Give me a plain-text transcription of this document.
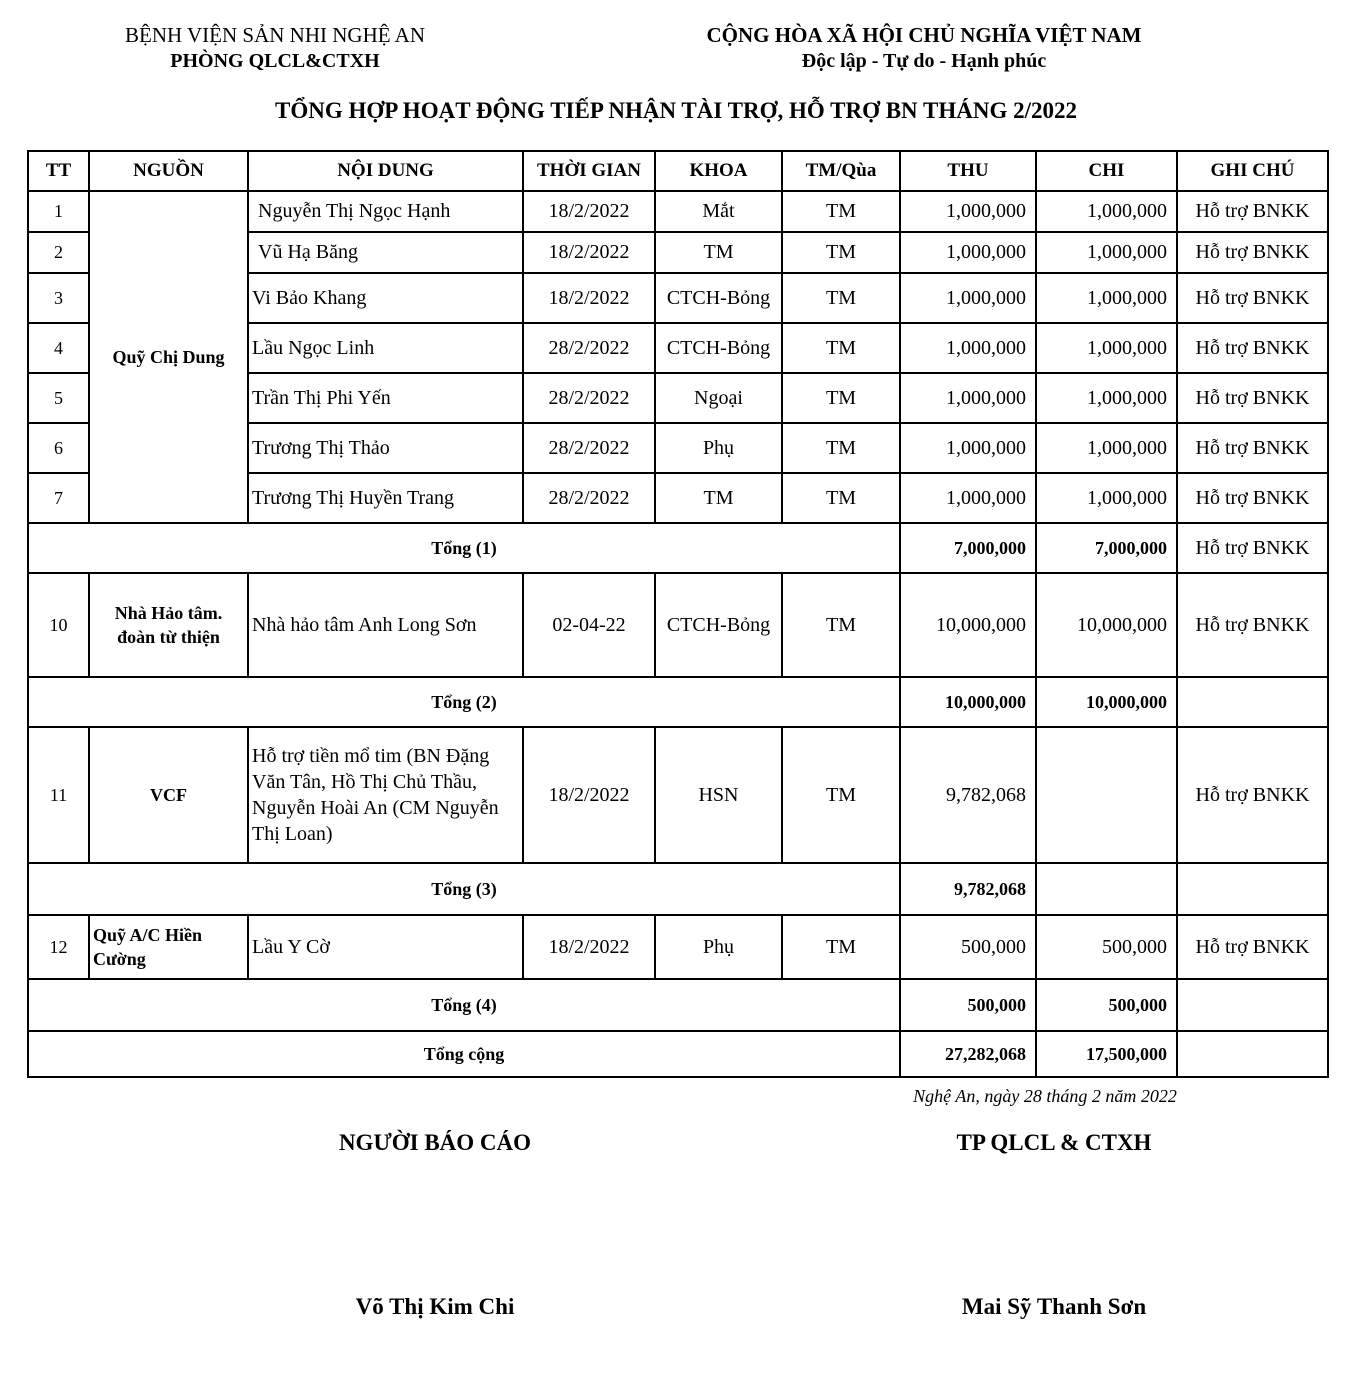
BỆNH VIỆN SẢN NHI NGHỆ AN
PHÒNG QLCL&CTXH
CỘNG HÒA XÃ HỘI CHỦ NGHĨA VIỆT NAM
Độc lập - Tự do - Hạnh phúc
TỔNG HỢP HOẠT ĐỘNG TIẾP NHẬN TÀI TRỢ, HỖ TRỢ BN THÁNG 2/2022
TT	NGUỒN	NỘI DUNG	THỜI GIAN	KHOA	TM/Qùa	THU	CHI	GHI CHÚ
1	Quỹ Chị Dung	Nguyễn Thị Ngọc Hạnh	18/2/2022	Mắt	TM	1,000,000	1,000,000	Hỗ trợ BNKK
2		Vũ Hạ Băng	18/2/2022	TM	TM	1,000,000	1,000,000	Hỗ trợ BNKK
3		Vi Bảo Khang	18/2/2022	CTCH-Bỏng	TM	1,000,000	1,000,000	Hỗ trợ BNKK
4		Lầu Ngọc Linh	28/2/2022	CTCH-Bỏng	TM	1,000,000	1,000,000	Hỗ trợ BNKK
5		Trần Thị Phi Yến	28/2/2022	Ngoại	TM	1,000,000	1,000,000	Hỗ trợ BNKK
6		Trương Thị Thảo	28/2/2022	Phụ	TM	1,000,000	1,000,000	Hỗ trợ BNKK
7		Trương Thị Huyền Trang	28/2/2022	TM	TM	1,000,000	1,000,000	Hỗ trợ BNKK
Tổng (1)						7,000,000	7,000,000	Hỗ trợ BNKK
10	Nhà Hảo tâm.
đoàn từ thiện	Nhà hảo tâm Anh Long Sơn	02-04-22	CTCH-Bỏng	TM	10,000,000	10,000,000	Hỗ trợ BNKK
Tổng (2)						10,000,000	10,000,000	
11	VCF	Hỗ trợ tiền mổ tim (BN Đặng
Văn Tân, Hồ Thị Chủ Thầu,
Nguyễn Hoài An (CM Nguyễn
Thị Loan)	18/2/2022	HSN	TM	9,782,068		Hỗ trợ BNKK
Tổng (3)						9,782,068		
12	Quỹ A/C Hiền
Cường	Lầu Y Cờ	18/2/2022	Phụ	TM	500,000	500,000	Hỗ trợ BNKK
Tổng (4)						500,000	500,000	
Tổng cộng						27,282,068	17,500,000	
Nghệ An, ngày 28 tháng 2 năm 2022
NGƯỜI BÁO CÁO	TP QLCL & CTXH
Võ Thị Kim Chi	Mai Sỹ Thanh Sơn
